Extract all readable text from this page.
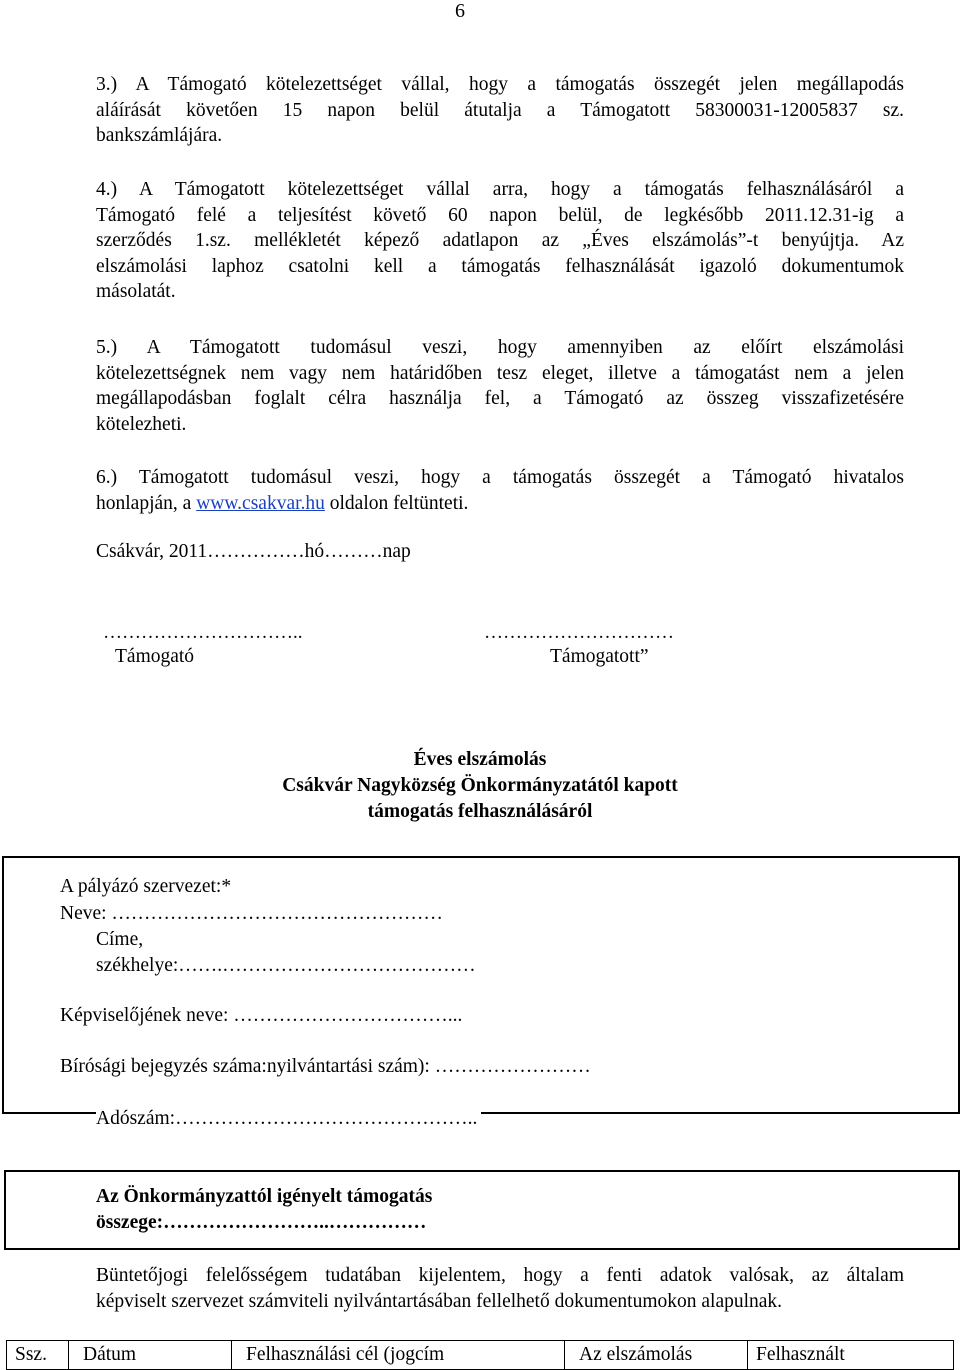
6
3.) A Támogató kötelezettséget vállal, hogy a támogatás összegét jelen megállapodás
aláírását követően 15 napon belül átutalja a Támogatott 58300031-12005837 sz.
bankszámlájára.
4.) A Támogatott kötelezettséget vállal arra, hogy a támogatás felhasználásáról a
Támogató felé a teljesítést követő 60 napon belül, de legkésőbb 2011.12.31-ig a
szerződés 1.sz. mellékletét képező adatlapon az „Éves elszámolás”-t benyújtja. Az
elszámolási laphoz csatolni kell a támogatás felhasználását igazoló dokumentumok
másolatát.
5.) A Támogatott tudomásul veszi, hogy amennyiben az előírt elszámolási
kötelezettségnek nem vagy nem határidőben tesz eleget, illetve a támogatást nem a jelen
megállapodásban foglalt célra használja fel, a Támogató az összeg visszafizetésére
kötelezheti.
6.) Támogatott tudomásul veszi, hogy a támogatás összegét a Támogató hivatalos
honlapján, a www.csakvar.hu oldalon feltünteti.
Csákvár, 2011……………hó………nap
…………………………..	…………………………
Támogató	Támogatott”
Éves elszámolás
Csákvár Nagyközség Önkormányzatától kapott
támogatás felhasználásáról
A pályázó szervezet:*
Neve: ……………………………………………
Címe,
székhelye:…….…………………………………
Képviselőjének neve: ……………………………...
Bírósági bejegyzés száma:nyilvántartási szám): ……………………
Adószám:………………………………………..
Az Önkormányzattól igényelt támogatás
összege:……………………..……………
Büntetőjogi felelősségem tudatában kijelentem, hogy a fenti adatok valósak, az általam
képviselt szervezet számviteli nyilvántartásában fellelhető dokumentumokon alapulnak.
Ssz.	Dátum	Felhasználási cél (jogcím	Az elszámolás	Felhasznált
